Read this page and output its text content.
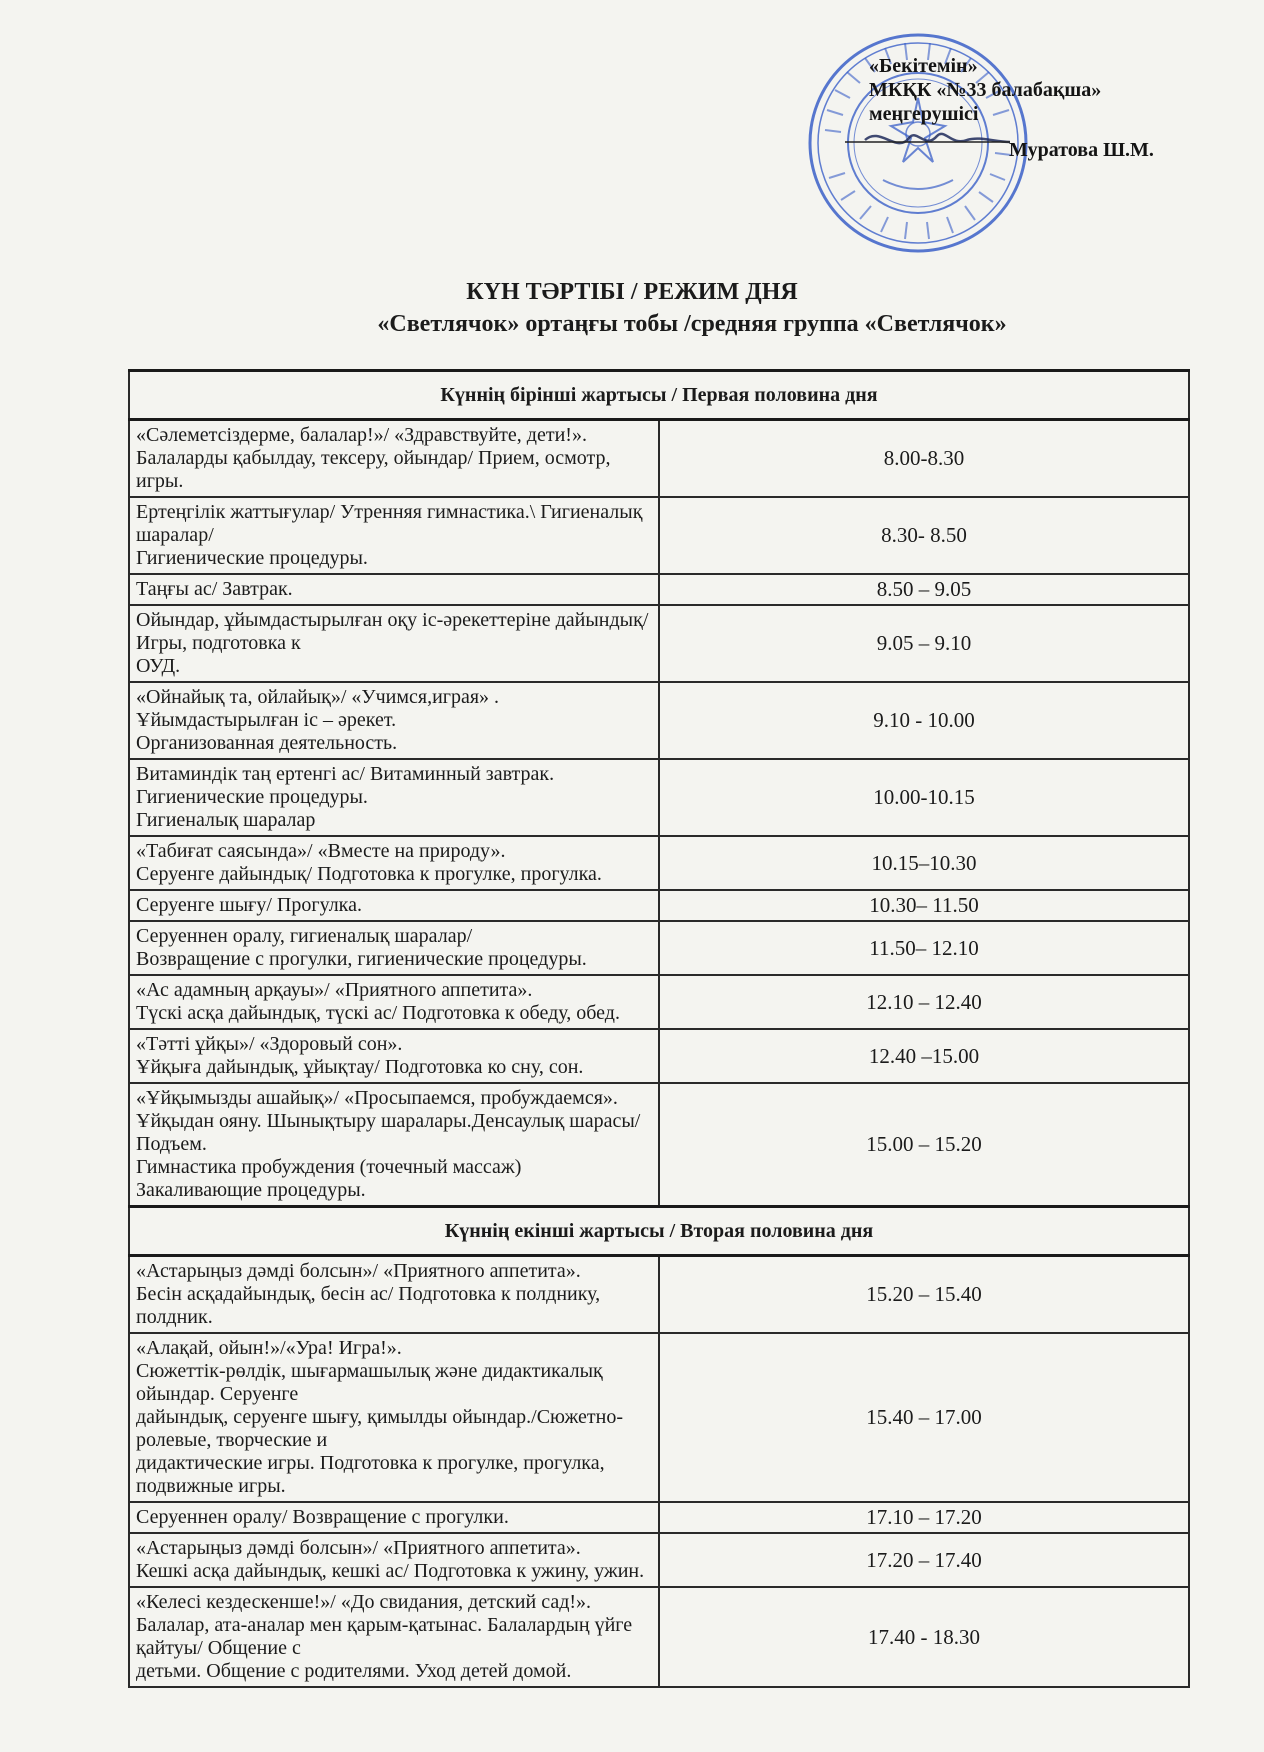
«Бекітемін»
МКҚК «№33 балабақша»
меңгерушісі
Муратова Ш.М.
КҮН ТӘРТІБІ / РЕЖИМ ДНЯ
«Светлячок» ортаңғы тобы /средняя группа «Светлячок»
Күннің бірінші жартысы / Первая половина дня	

«Сәлеметсіздерме, балалар!»/ «Здравствуйте, дети!».
Балаларды қабылдау, тексеру, ойындар/ Прием, осмотр, игры.	8.00-8.30

Ертеңгілік жаттығулар/ Утренняя гимнастика.\ Гигиеналық шаралар/
Гигиенические процедуры.	8.30- 8.50

Таңғы ас/ Завтрак.	8.50 – 9.05

Ойындар, ұйымдастырылған оқу іс-әрекеттеріне дайындық/ Игры, подготовка к
ОУД.	9.05 – 9.10

«Ойнайық та, ойлайық»/ «Учимся,играя» . Ұйымдастырылған іс – әрекет.
Организованная деятельность.	9.10 - 10.00

Витаминдік таң ертенгі ас/ Витаминный завтрак. Гигиенические процедуры.
Гигиеналық шаралар	10.00-10.15

«Табиғат саясында»/ «Вместе на природу».
Серуенге дайындық/ Подготовка к прогулке, прогулка.	10.15–10.30

Серуенге шығу/ Прогулка.	10.30– 11.50

Серуеннен оралу, гигиеналық шаралар/
Возвращение с прогулки, гигиенические процедуры.	11.50– 12.10

«Ас адамның арқауы»/ «Приятного аппетита».
Түскі асқа дайындық, түскі ас/ Подготовка к обеду, обед.	12.10 – 12.40

«Тәтті ұйқы»/ «Здоровый сон».
Ұйқыға дайындық, ұйықтау/ Подготовка ко сну, сон.	12.40 –15.00

«Ұйқымызды ашайық»/ «Просыпаемся, пробуждаемся».
Ұйқыдан ояну. Шынықтыру шаралары.Денсаулық шарасы/ Подъем.
Гимнастика пробуждения (точечный массаж) Закаливающие процедуры.	15.00 – 15.20
Күннің екінші жартысы / Вторая половина дня	

«Астарыңыз дәмді болсын»/ «Приятного аппетита».
Бесін асқадайындық, бесін ас/ Подготовка к полднику, полдник.	15.20 – 15.40

«Алақай, ойын!»/«Ура! Игра!».
Сюжеттік-рөлдік, шығармашылық және дидактикалық ойындар. Серуенге
дайындық, серуенге шығу, қимылды ойындар./Сюжетно-ролевые, творческие и
дидактические игры. Подготовка к прогулке, прогулка, подвижные игры.	15.40 – 17.00

Серуеннен оралу/ Возвращение с прогулки.	17.10 – 17.20

«Астарыңыз дәмді болсын»/ «Приятного аппетита».
Кешкі асқа дайындық, кешкі ас/ Подготовка к ужину, ужин.	17.20 – 17.40

«Келесі кездескенше!»/ «До свидания, детский сад!».
Балалар, ата-аналар мен қарым-қатынас. Балалардың үйге қайтуы/ Общение с
детьми. Общение с родителями. Уход детей домой.	17.40 - 18.30
